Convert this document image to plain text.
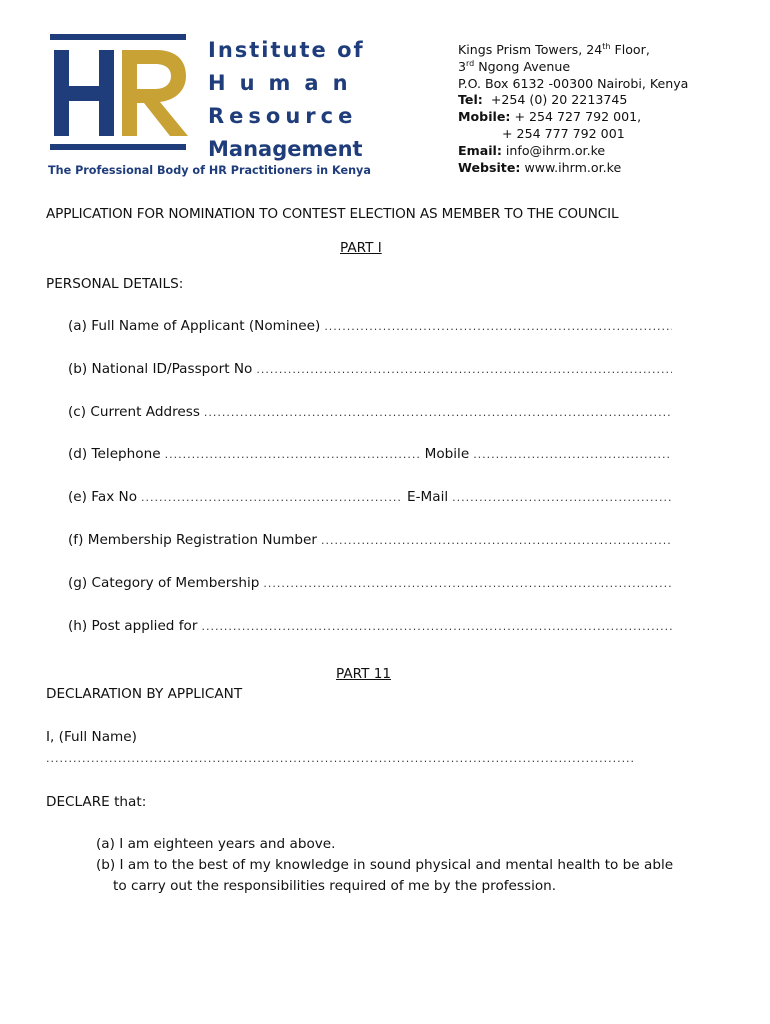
Institute of
Human
Resource
Management
The Professional Body of HR Practitioners in Kenya
Kings Prism Towers, 24th Floor,
3rd Ngong Avenue
P.O. Box 6132 -00300 Nairobi, Kenya
Tel: +254 (0) 20 2213745
Mobile: + 254 727 792 001,
+ 254 777 792 001
Email: info@ihrm.or.ke
Website: www.ihrm.or.ke
APPLICATION FOR NOMINATION TO CONTEST ELECTION AS MEMBER TO THE COUNCIL
PART I
PERSONAL DETAILS:
(a) Full Name of Applicant (Nominee)
.....
(b) National ID/Passport No
.....
(c) Current Address
.....
(d) Telephone .....	Mobile
.....
(e) Fax No .....	E-Mail
.....
(f) Membership Registration Number
.....
(g) Category of Membership
.....
(h) Post applied for
.....
PART 11
DECLARATION BY APPLICANT
I, (Full Name)
.....
DECLARE that:
(a) I am eighteen years and above.
(b) I am to the best of my knowledge in sound physical and mental health to be able
to carry out the responsibilities required of me by the profession.
